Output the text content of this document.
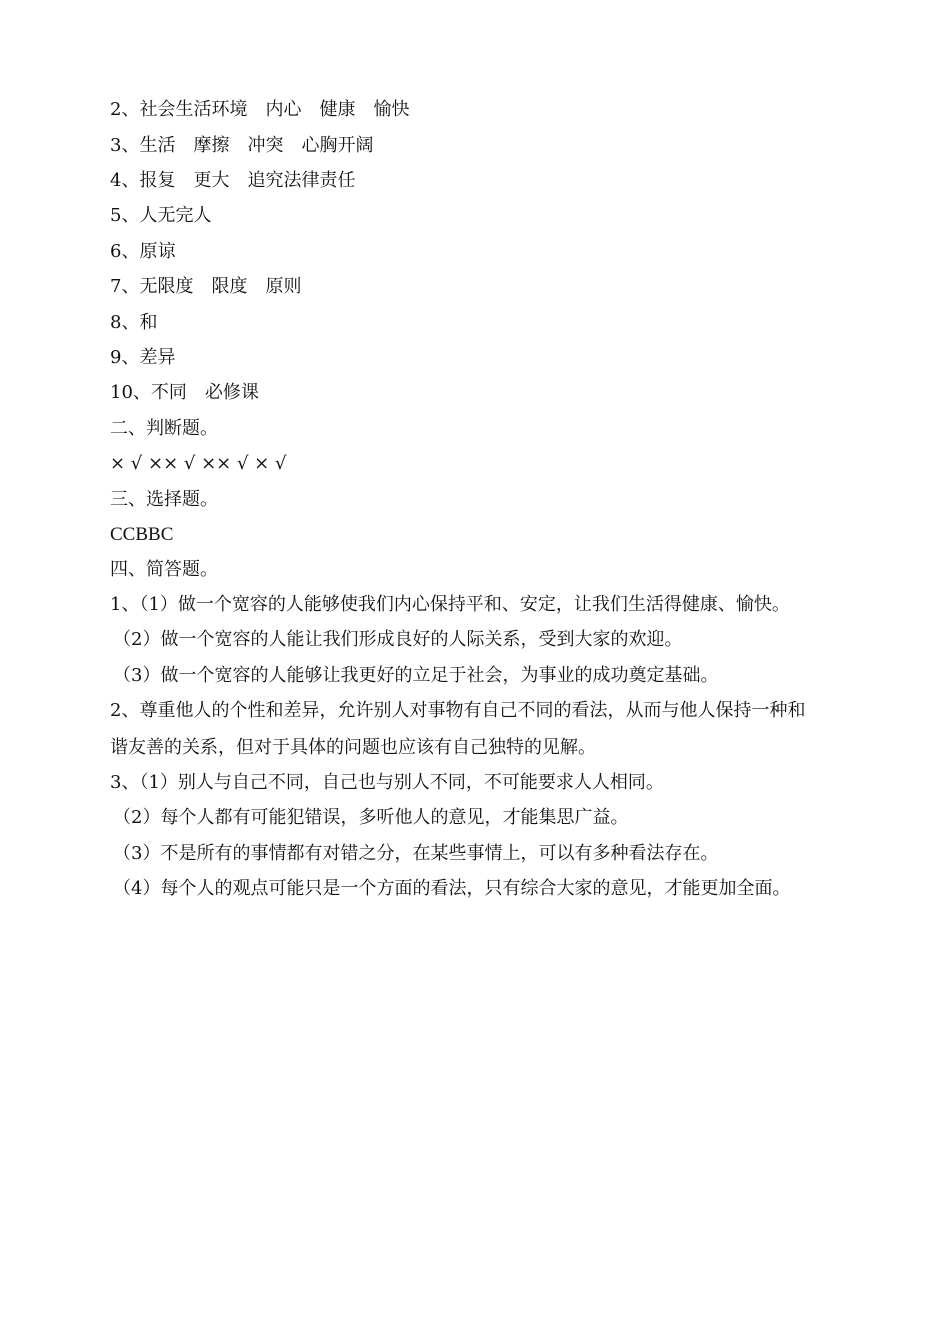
2、社会生活环境　内心　健康　愉快
3、生活　摩擦　冲突　心胸开阔
4、报复　更大　追究法律责任
5、人无完人
6、原谅
7、无限度　限度　原则
8、和
9、差异
10、不同　必修课
二、判断题。
× √ ×× √ ×× √ × √
三、选择题。
CCBBC
四、简答题。
1、（1）做一个宽容的人能够使我们内心保持平和、安定，让我们生活得健康、愉快。
（2）做一个宽容的人能让我们形成良好的人际关系，受到大家的欢迎。
（3）做一个宽容的人能够让我更好的立足于社会，为事业的成功奠定基础。
2、尊重他人的个性和差异，允许别人对事物有自己不同的看法，从而与他人保持一种和
谐友善的关系，但对于具体的问题也应该有自己独特的见解。
3、（1）别人与自己不同，自己也与别人不同，不可能要求人人相同。
（2）每个人都有可能犯错误，多听他人的意见，才能集思广益。
（3）不是所有的事情都有对错之分，在某些事情上，可以有多种看法存在。
（4）每个人的观点可能只是一个方面的看法，只有综合大家的意见，才能更加全面。
